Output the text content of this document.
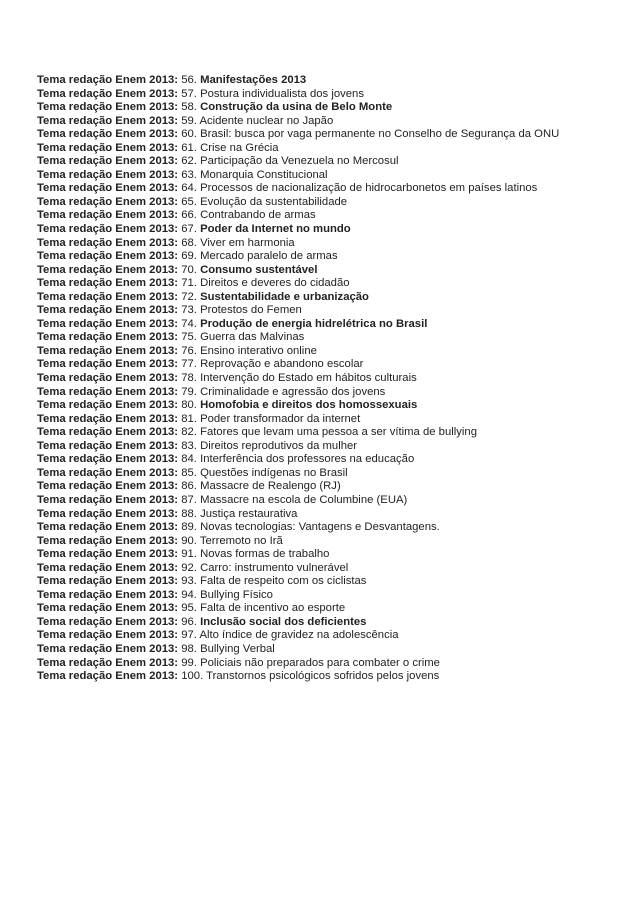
Tema redação Enem 2013: 56. Manifestações 2013
Tema redação Enem 2013: 57. Postura individualista dos jovens
Tema redação Enem 2013: 58. Construção da usina de Belo Monte
Tema redação Enem 2013: 59. Acidente nuclear no Japão
Tema redação Enem 2013: 60. Brasil: busca por vaga permanente no Conselho de Segurança da ONU
Tema redação Enem 2013: 61. Crise na Grécia
Tema redação Enem 2013: 62. Participação da Venezuela no Mercosul
Tema redação Enem 2013: 63. Monarquia Constitucional
Tema redação Enem 2013: 64. Processos de nacionalização de hidrocarbonetos em países latinos
Tema redação Enem 2013: 65. Evolução da sustentabilidade
Tema redação Enem 2013: 66. Contrabando de armas
Tema redação Enem 2013: 67. Poder da Internet no mundo
Tema redação Enem 2013: 68. Viver em harmonia
Tema redação Enem 2013: 69. Mercado paralelo de armas
Tema redação Enem 2013: 70. Consumo sustentável
Tema redação Enem 2013: 71. Direitos e deveres do cidadão
Tema redação Enem 2013: 72. Sustentabilidade e urbanização
Tema redação Enem 2013: 73. Protestos do Femen
Tema redação Enem 2013: 74. Produção de energia hidrelétrica no Brasil
Tema redação Enem 2013: 75. Guerra das Malvinas
Tema redação Enem 2013: 76. Ensino interativo online
Tema redação Enem 2013: 77. Reprovação e abandono escolar
Tema redação Enem 2013: 78. Intervenção do Estado em hábitos culturais
Tema redação Enem 2013: 79. Criminalidade e agressão dos jovens
Tema redação Enem 2013: 80. Homofobia e direitos dos homossexuais
Tema redação Enem 2013: 81. Poder transformador da internet
Tema redação Enem 2013: 82. Fatores que levam uma pessoa a ser vítima de bullying
Tema redação Enem 2013: 83. Direitos reprodutivos da mulher
Tema redação Enem 2013: 84. Interferência dos professores na educação
Tema redação Enem 2013: 85. Questões indígenas no Brasil
Tema redação Enem 2013: 86. Massacre de Realengo (RJ)
Tema redação Enem 2013: 87. Massacre na escola de Columbine (EUA)
Tema redação Enem 2013: 88. Justiça restaurativa
Tema redação Enem 2013: 89. Novas tecnologias: Vantagens e Desvantagens.
Tema redação Enem 2013: 90. Terremoto no Irã
Tema redação Enem 2013: 91. Novas formas de trabalho
Tema redação Enem 2013: 92. Carro: instrumento vulnerável
Tema redação Enem 2013: 93. Falta de respeito com os ciclistas
Tema redação Enem 2013: 94. Bullying Físico
Tema redação Enem 2013: 95. Falta de incentivo ao esporte
Tema redação Enem 2013: 96. Inclusão social dos deficientes
Tema redação Enem 2013: 97. Alto índice de gravidez na adolescência
Tema redação Enem 2013: 98. Bullying Verbal
Tema redação Enem 2013: 99. Policiais não preparados para combater o crime
Tema redação Enem 2013: 100. Transtornos psicológicos sofridos pelos jovens
